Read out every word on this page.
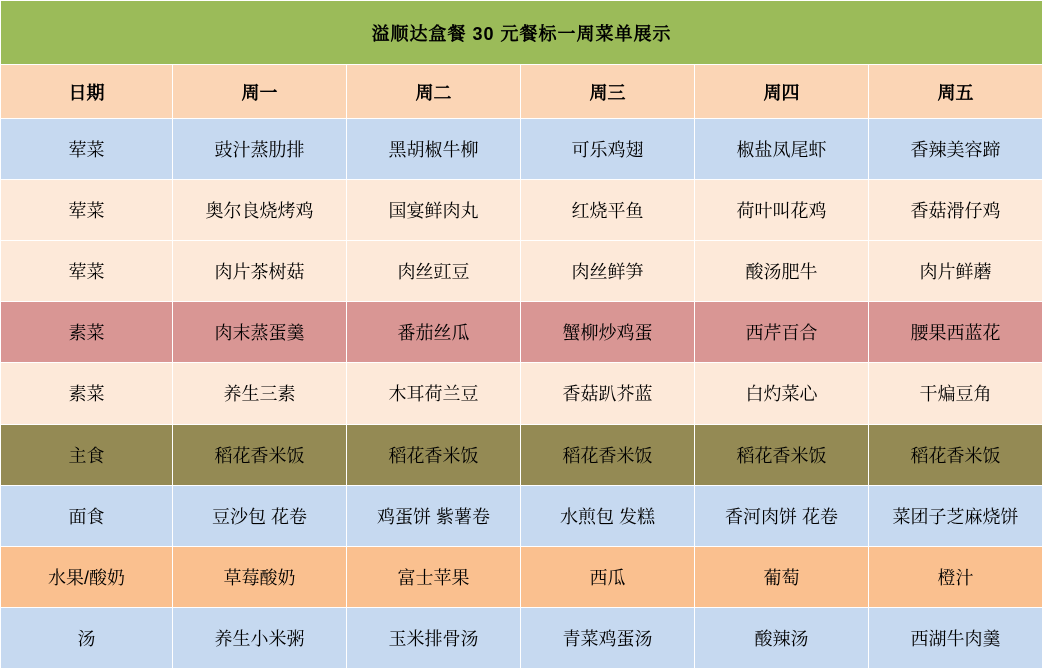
溢顺达盒餐 30 元餐标一周菜单展示					
日期	周一	周二	周三	周四	周五
荤菜	豉汁蒸肋排	黑胡椒牛柳	可乐鸡翅	椒盐凤尾虾	香辣美容蹄
荤菜	奥尔良烧烤鸡	国宴鲜肉丸	红烧平鱼	荷叶叫花鸡	香菇滑仔鸡
荤菜	肉片茶树菇	肉丝豇豆	肉丝鲜笋	酸汤肥牛	肉片鲜蘑
素菜	肉末蒸蛋羹	番茄丝瓜	蟹柳炒鸡蛋	西芹百合	腰果西蓝花
素菜	养生三素	木耳荷兰豆	香菇趴芥蓝	白灼菜心	干煸豆角
主食	稻花香米饭	稻花香米饭	稻花香米饭	稻花香米饭	稻花香米饭
面食	豆沙包 花卷	鸡蛋饼 紫薯卷	水煎包 发糕	香河肉饼 花卷	菜团子芝麻烧饼
水果/酸奶	草莓酸奶	富士苹果	西瓜	葡萄	橙汁
汤	养生小米粥	玉米排骨汤	青菜鸡蛋汤	酸辣汤	西湖牛肉羹
